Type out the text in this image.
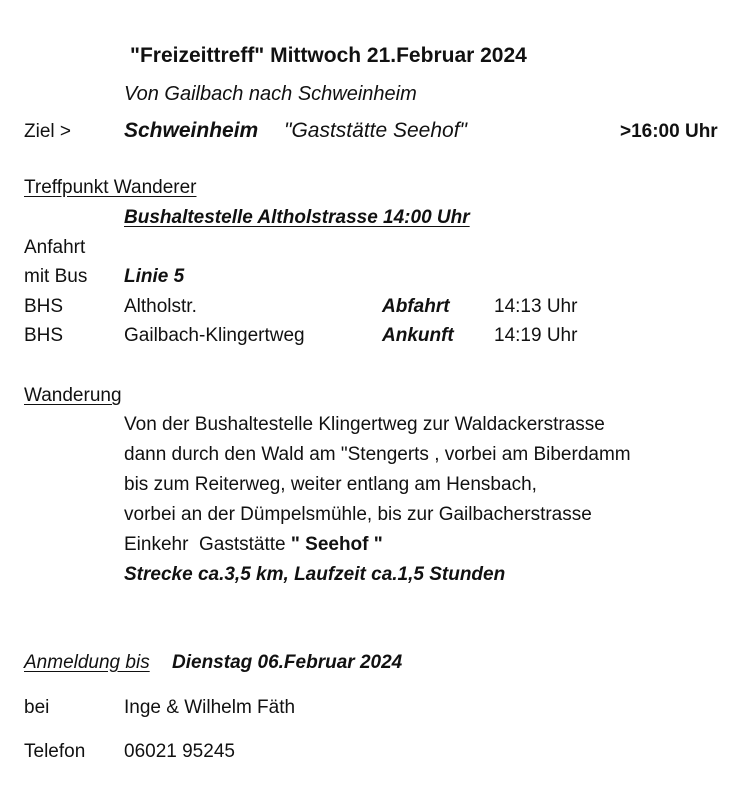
"Freizeittreff" Mittwoch 21.Februar 2024
Von Gailbach nach Schweinheim
Ziel >	Schweinheim "Gaststätte Seehof"	>16:00 Uhr
Treffpunkt Wanderer
Bushaltestelle Altholstrasse 14:00 Uhr
Anfahrt
mit Bus Linie 5
BHS	Altholstr.	Abfahrt 14:13 Uhr
BHS	Gailbach-Klingertweg	Ankunft 14:19 Uhr
Wanderung
Von der Bushaltestelle Klingertweg zur Waldackerstrasse
dann durch den Wald am "Stengerts , vorbei am Biberdamm
bis zum Reiterweg, weiter entlang am Hensbach,
vorbei an der Dümpelsmühle, bis zur Gailbacherstrasse
Einkehr  Gaststätte " Seehof "
Strecke ca.3,5 km, Laufzeit ca.1,5 Stunden
Anmeldung bis Dienstag 06.Februar 2024
bei	Inge & Wilhelm Fäth
Telefon 06021 95245
